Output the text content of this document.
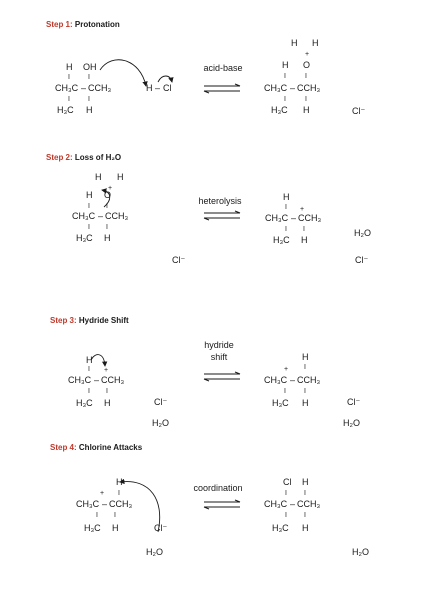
Step 1: Protonation
H OH
I	I
CH₃C – CCH₃
I	I
H₃C H
H – Cl
acid-base
H H
H O
+
I	I
CH₃C – CCH₃
I	I
H₃C H	Cl⁻
Step 2: Loss of H₂O
H H
+
H O
I I
CH₃C – CCH₃
I I
H₃C H
Cl⁻
heterolysis	H
I +
CH₃C – CCH₃
I I
H₃C H
H₂O
Cl⁻
Step 3: Hydride Shift
H
I +
CH₃C – CCH₃
I I
H₃C H	Cl⁻
H₂O
hydride
shift	H
I
+
CH₃C – CCH₃
I	I
H₃C H	Cl⁻
H₂O
Step 4: Chlorine Attacks
H
+ I
CH₃C – CCH₃
I I
H₃C H	Cl⁻
H₂O
coordination
Cl H
I I
CH₃C – CCH₃
I I
H₃C H
H₂O
